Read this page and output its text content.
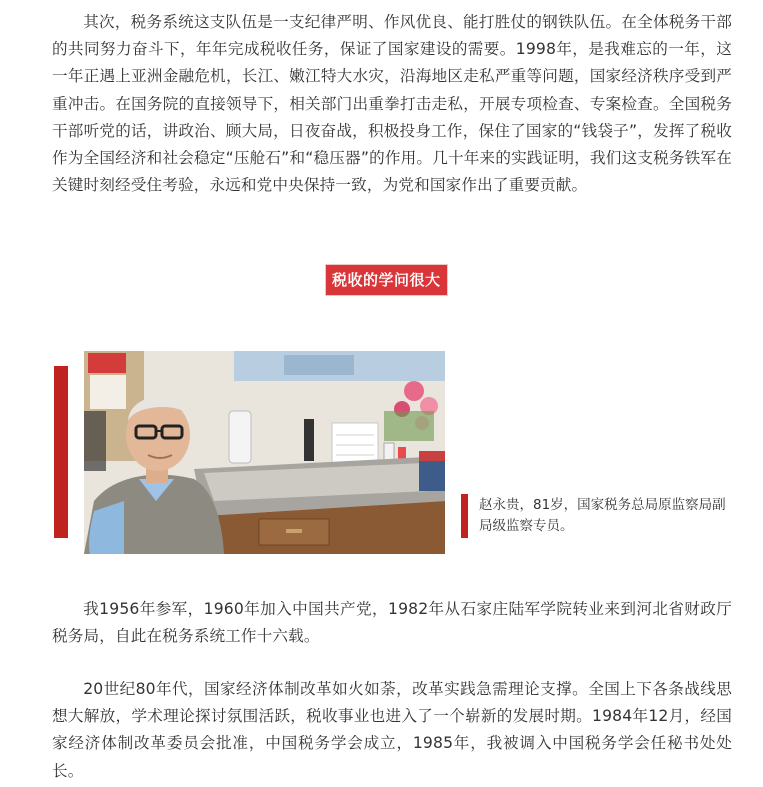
其次，税务系统这支队伍是一支纪律严明、作风优良、能打胜仗的钢铁队伍。在全体税务干部的共同努力奋斗下，年年完成税收任务，保证了国家建设的需要。1998年，是我难忘的一年，这一年正遇上亚洲金融危机，长江、嫩江特大水灾，沿海地区走私严重等问题，国家经济秩序受到严重冲击。在国务院的直接领导下，相关部门出重拳打击走私，开展专项检查、专案检查。全国税务干部听党的话，讲政治、顾大局，日夜奋战，积极投身工作，保住了国家的“钱袋子”，发挥了税收作为全国经济和社会稳定“压舱石”和“稳压器”的作用。几十年来的实践证明，我们这支税务铁军在关键时刻经受住考验，永远和党中央保持一致，为党和国家作出了重要贡献。

税收的学问很大

赵永贵，81岁，国家税务总局原监察局副局级监察专员。

我1956年参军，1960年加入中国共产党，1982年从石家庄陆军学院转业来到河北省财政厅税务局，自此在税务系统工作十六载。

20世纪80年代，国家经济体制改革如火如荼，改革实践急需理论支撑。全国上下各条战线思想大解放，学术理论探讨氛围活跃，税收事业也进入了一个崭新的发展时期。1984年12月，经国家经济体制改革委员会批准，中国税务学会成立，1985年，我被调入中国税务学会任秘书处处长。
